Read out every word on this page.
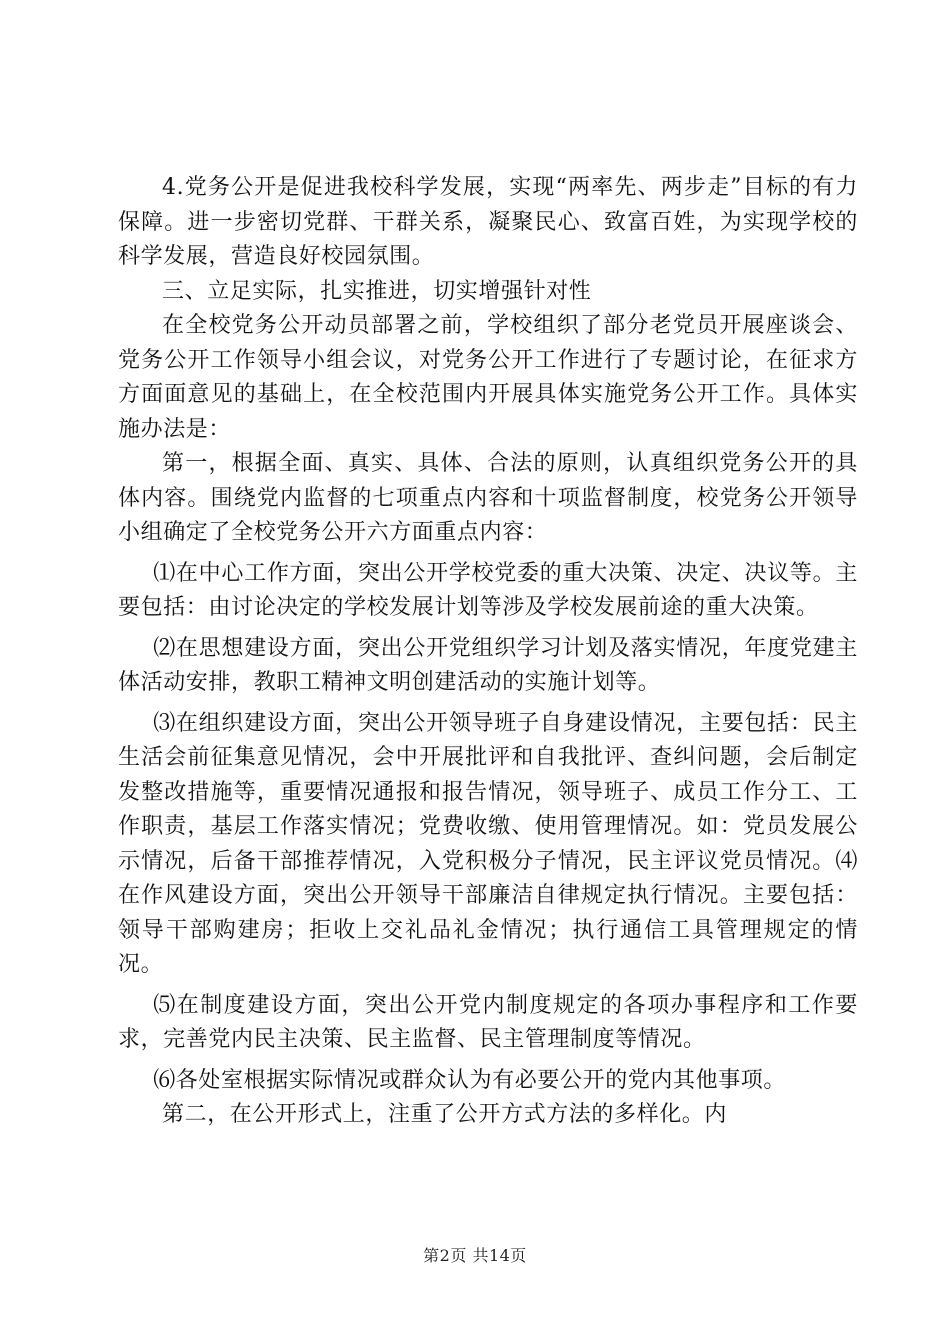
4.党务公开是促进我校科学发展，实现“两率先、两步走”目标的有力保障。进一步密切党群、干群关系，凝聚民心、致富百姓，为实现学校的科学发展，营造良好校园氛围。

三、立足实际，扎实推进，切实增强针对性

在全校党务公开动员部署之前，学校组织了部分老党员开展座谈会、党务公开工作领导小组会议，对党务公开工作进行了专题讨论，在征求方方面面意见的基础上，在全校范围内开展具体实施党务公开工作。具体实施办法是：

第一，根据全面、真实、具体、合法的原则，认真组织党务公开的具体内容。围绕党内监督的七项重点内容和十项监督制度，校党务公开领导小组确定了全校党务公开六方面重点内容：

⑴在中心工作方面，突出公开学校党委的重大决策、决定、决议等。主要包括：由讨论决定的学校发展计划等涉及学校发展前途的重大决策。

⑵在思想建设方面，突出公开党组织学习计划及落实情况，年度党建主体活动安排，教职工精神文明创建活动的实施计划等。

⑶在组织建设方面，突出公开领导班子自身建设情况，主要包括：民主生活会前征集意见情况，会中开展批评和自我批评、查纠问题，会后制定发整改措施等，重要情况通报和报告情况，领导班子、成员工作分工、工作职责，基层工作落实情况；党费收缴、使用管理情况。如：党员发展公示情况，后备干部推荐情况，入党积极分子情况，民主评议党员情况。⑷在作风建设方面，突出公开领导干部廉洁自律规定执行情况。主要包括：领导干部购建房；拒收上交礼品礼金情况；执行通信工具管理规定的情况。

⑸在制度建设方面，突出公开党内制度规定的各项办事程序和工作要求，完善党内民主决策、民主监督、民主管理制度等情况。

⑹各处室根据实际情况或群众认为有必要公开的党内其他事项。

第二，在公开形式上，注重了公开方式方法的多样化。内

第2页 共14页
